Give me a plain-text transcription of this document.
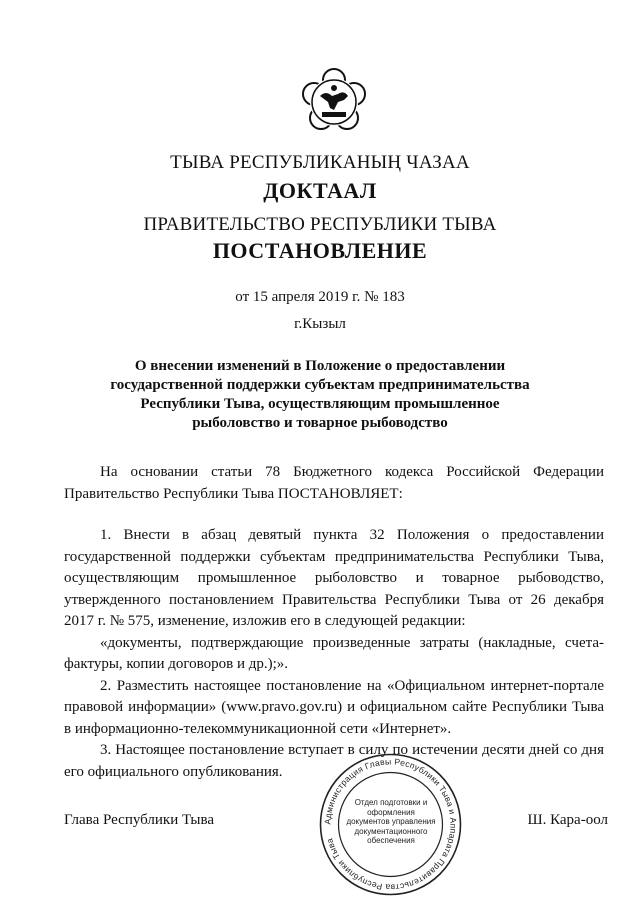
ТЫВА РЕСПУБЛИКАНЫҢ ЧАЗАА
ДОКТААЛ
ПРАВИТЕЛЬСТВО РЕСПУБЛИКИ ТЫВА
ПОСТАНОВЛЕНИЕ
от 15 апреля 2019 г. № 183
г.Кызыл
О внесении изменений в Положение о предоставлении
государственной поддержки субъектам предпринимательства
Республики Тыва, осуществляющим промышленное
рыболовство и товарное рыбоводство

На основании статьи 78 Бюджетного кодекса Российской Федерации Правительство Республики Тыва ПОСТАНОВЛЯЕТ:

1. Внести в абзац девятый пункта 32 Положения о предоставлении государственной поддержки субъектам предпринимательства Республики Тыва, осуществляющим промышленное рыболовство и товарное рыбоводство, утвержденного постановлением Правительства Республики Тыва от 26 декабря 2017 г. № 575, изменение, изложив его в следующей редакции:

«документы, подтверждающие произведенные затраты (накладные, счета-фактуры, копии договоров и др.);».

2. Разместить настоящее постановление на «Официальном интернет-портале правовой информации» (www.pravo.gov.ru) и официальном сайте Республики Тыва в информационно-телекоммуникационной сети «Интернет».

3. Настоящее постановление вступает в силу по истечении десяти дней со дня его официального опубликования.

Администрация Главы Республики Тыва и Аппарата Правительства Республики Тыва
Отдел подготовки и оформления документов управления документационного обеспечения
Глава Республики Тыва	Ш. Кара-оол
